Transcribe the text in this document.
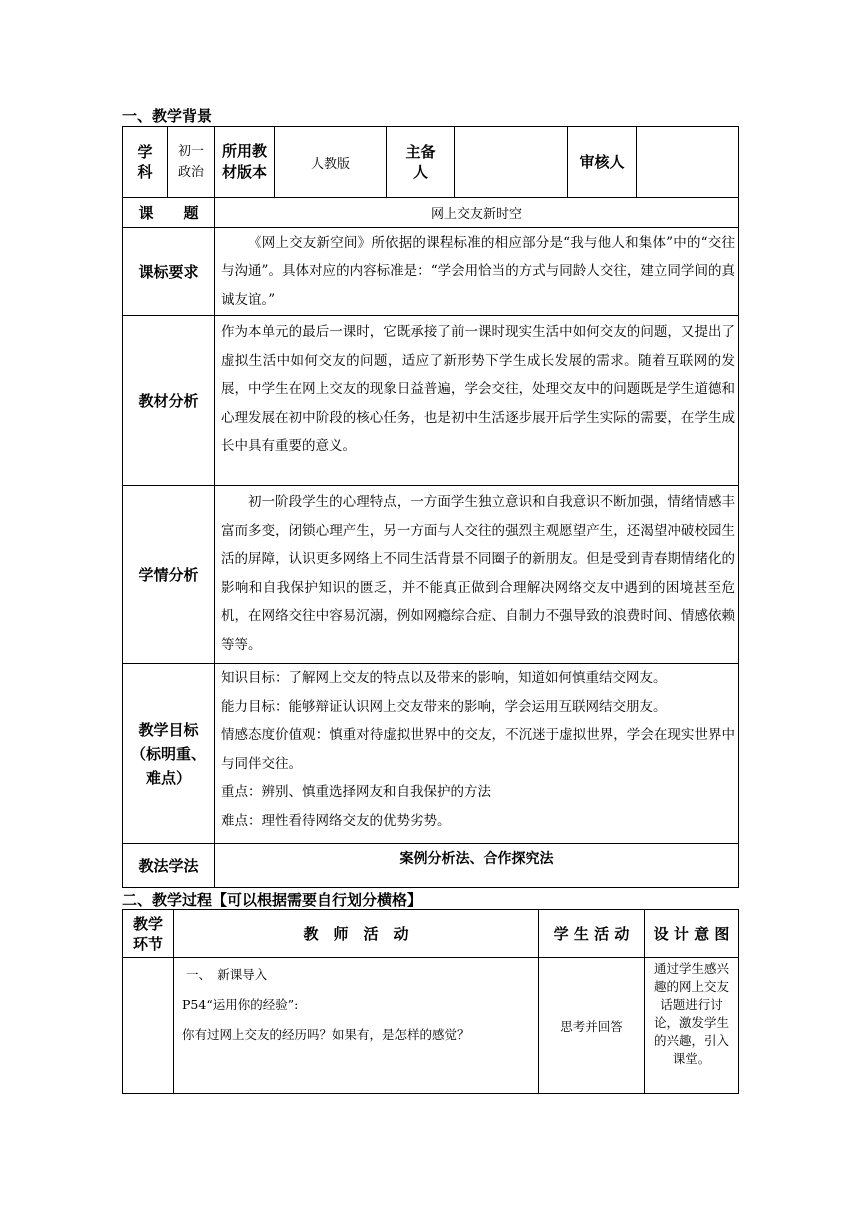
一、教学背景
学科	初一政治	所用教材版本	人教版	主备人		审核人	
课　　题		网上交友新时空					
课标要求		《网上交友新空间》所依据的课程标准的相应部分是“我与他人和集体”中的“交往与沟通”。具体对应的内容标准是：“学会用恰当的方式与同龄人交往，建立同学间的真诚友谊。”					

教材分析		作为本单元的最后一课时，它既承接了前一课时现实生活中如何交友的问题，又提出了虚拟生活中如何交友的问题，适应了新形势下学生成长发展的需求。随着互联网的发展，中学生在网上交友的现象日益普遍，学会交往，处理交友中的问题既是学生道德和心理发展在初中阶段的核心任务，也是初中生活逐步展开后学生实际的需要，在学生成长中具有重要的意义。					

学情分析		初一阶段学生的心理特点，一方面学生独立意识和自我意识不断加强，情绪情感丰富而多变，闭锁心理产生，另一方面与人交往的强烈主观愿望产生，还渴望冲破校园生活的屏障，认识更多网络上不同生活背景不同圈子的新朋友。但是受到青春期情绪化的影响和自我保护知识的匮乏，并不能真正做到合理解决网络交友中遇到的困境甚至危机，在网络交往中容易沉溺，例如网瘾综合症、自制力不强导致的浪费时间、情感依赖等等。					

教学目标（标明重、难点）		知识目标：了解网上交友的特点以及带来的影响，知道如何慎重结交网友。

能力目标：能够辩证认识网上交友带来的影响，学会运用互联网结交朋友。

情感态度价值观：慎重对待虚拟世界中的交友，不沉迷于虚拟世界，学会在现实世界中与同伴交往。

重点：辨别、慎重选择网友和自我保护的方法

难点：理性看待网络交友的优势劣势。					

教法学法		案例分析法、合作探究法					
二、教学过程【可以根据需要自行划分横格】
教学环节	教　师　活　动	学 生 活 动	设 计 意 图

	一、　新课导入

P54“运用你的经验”:

你有过网上交友的经历吗？如果有，是怎样的感觉？	思考并回答	通过学生感兴趣的网上交友话题进行讨论，激发学生的兴趣，引入课堂。
